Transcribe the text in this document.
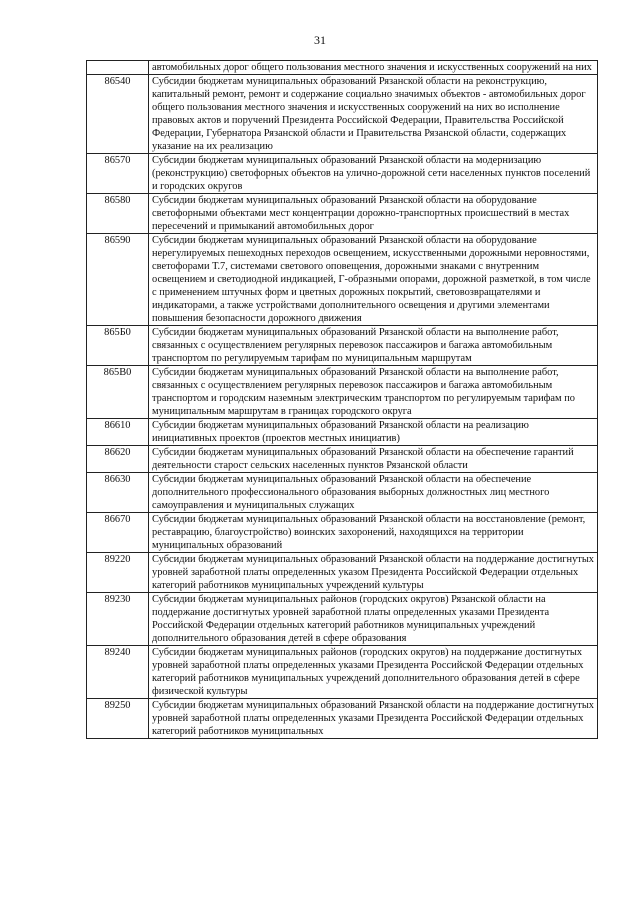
31
	автомобильных дорог общего пользования местного значения и искусственных сооружений на них
86540	Субсидии бюджетам муниципальных образований Рязанской области на реконструкцию, капитальный ремонт, ремонт и содержание социально значимых объектов - автомобильных дорог общего пользования местного значения и искусственных сооружений на них во исполнение правовых актов и поручений Президента Российской Федерации, Правительства Российской Федерации, Губернатора Рязанской области и Правительства Рязанской области, содержащих указание на их реализацию
86570	Субсидии бюджетам муниципальных образований Рязанской области на модернизацию (реконструкцию) светофорных объектов на улично-дорожной сети населенных пунктов поселений и городских округов
86580	Субсидии бюджетам муниципальных образований Рязанской области на оборудование светофорными объектами мест концентрации дорожно-транспортных происшествий в местах пересечений и примыканий автомобильных дорог
86590	Субсидии бюджетам муниципальных образований Рязанской области на оборудование нерегулируемых пешеходных переходов освещением, искусственными дорожными неровностями, светофорами Т.7, системами светового оповещения, дорожными знаками с внутренним освещением и светодиодной индикацией, Г-образными опорами, дорожной разметкой, в том числе с применением штучных форм и цветных дорожных покрытий, световозвращателями и индикаторами, а также устройствами дополнительного освещения и другими элементами повышения безопасности дорожного движения
865Б0	Субсидии бюджетам муниципальных образований Рязанской области на выполнение работ, связанных с осуществлением регулярных перевозок пассажиров и багажа автомобильным транспортом по регулируемым тарифам по муниципальным маршрутам
865В0	Субсидии бюджетам муниципальных образований Рязанской области на выполнение работ, связанных с осуществлением регулярных перевозок пассажиров и багажа автомобильным транспортом и городским наземным электрическим транспортом по регулируемым тарифам по муниципальным маршрутам в границах городского округа
86610	Субсидии бюджетам муниципальных образований Рязанской области на реализацию инициативных проектов (проектов местных инициатив)
86620	Субсидии бюджетам муниципальных образований Рязанской области на обеспечение гарантий деятельности старост сельских населенных пунктов Рязанской области
86630	Субсидии бюджетам муниципальных образований Рязанской области на обеспечение дополнительного профессионального образования выборных должностных лиц местного самоуправления и муниципальных служащих
86670	Субсидии бюджетам муниципальных образований Рязанской области на восстановление (ремонт, реставрацию, благоустройство) воинских захоронений, находящихся на территории муниципальных образований
89220	Субсидии бюджетам муниципальных образований Рязанской области на поддержание достигнутых уровней заработной платы определенных указом Президента Российской Федерации отдельных категорий работников муниципальных учреждений культуры
89230	Субсидии бюджетам муниципальных районов (городских округов) Рязанской области на поддержание достигнутых уровней заработной платы определенных указами Президента Российской Федерации отдельных категорий работников муниципальных учреждений дополнительного образования детей в сфере образования
89240	Субсидии бюджетам муниципальных районов (городских округов) на поддержание достигнутых уровней заработной платы определенных указами Президента Российской Федерации отдельных категорий работников муниципальных учреждений дополнительного образования детей в сфере физической культуры
89250	Субсидии бюджетам муниципальных образований Рязанской области на поддержание достигнутых уровней заработной платы определенных указами Президента Российской Федерации отдельных категорий работников муниципальных
